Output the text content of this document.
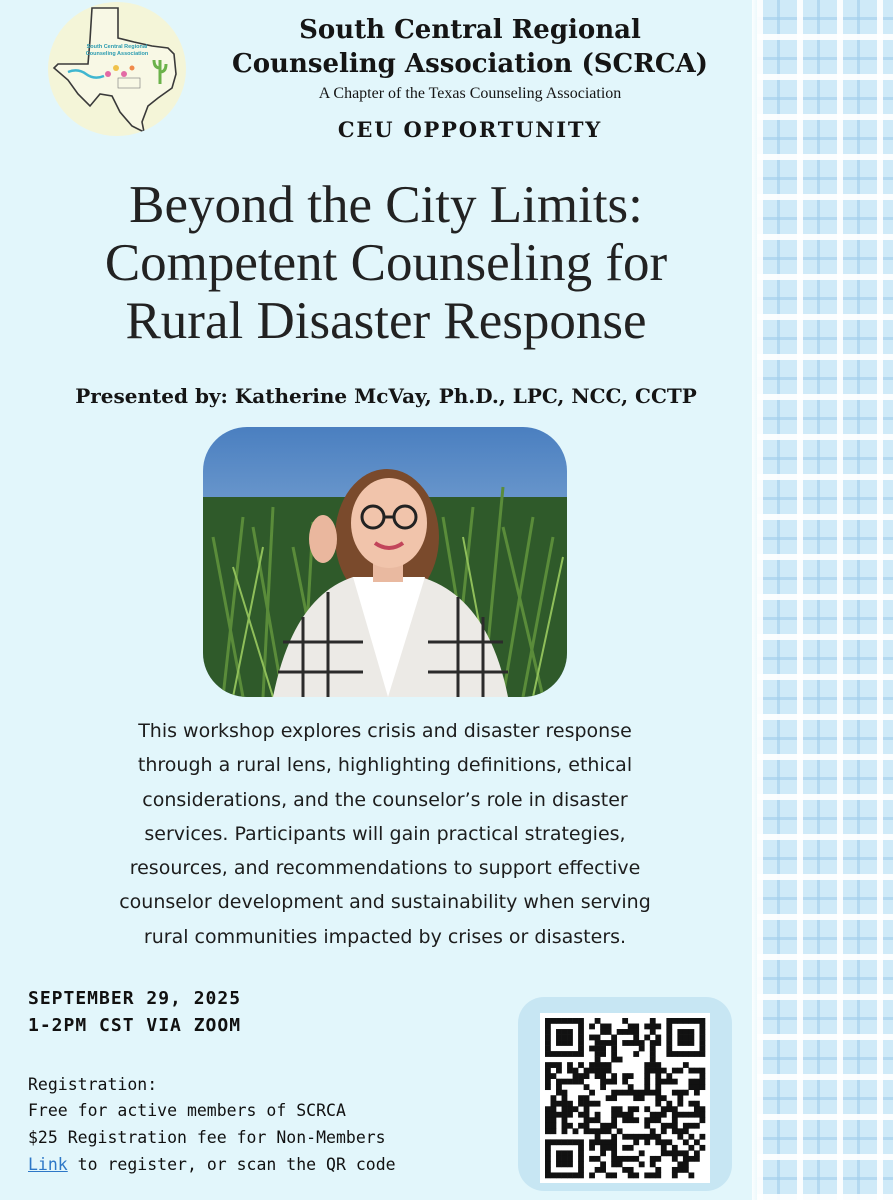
South Central Regional
Counseling Association
South Central Regional
Counseling Association (SCRCA)
A Chapter of the Texas Counseling Association
CEU OPPORTUNITY
Beyond the City Limits:
Competent Counseling for
Rural Disaster Response
Presented by: Katherine McVay, Ph.D., LPC, NCC, CCTP
This workshop explores crisis and disaster response
through a rural lens, highlighting definitions, ethical
considerations, and the counselor’s role in disaster
services. Participants will gain practical strategies,
resources, and recommendations to support effective
counselor development and sustainability when serving
rural communities impacted by crises or disasters.
SEPTEMBER 29, 2025
1-2PM CST VIA ZOOM
Registration:
Free for active members of SCRCA
$25 Registration fee for Non-Members
Link to register, or scan the QR code
